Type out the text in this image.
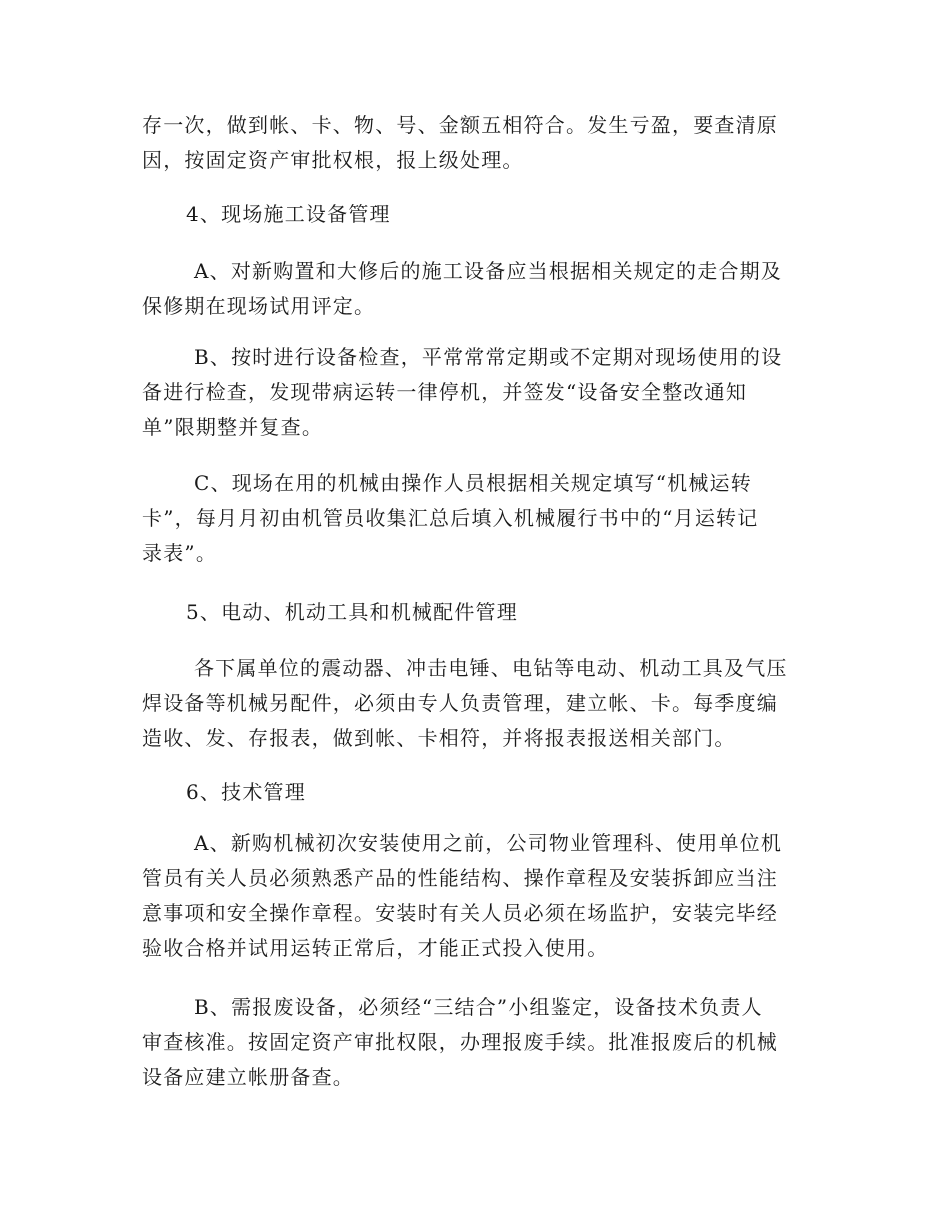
存一次，做到帐、卡、物、号、金额五相符合。发生亏盈，要查清原
因，按固定资产审批权根，报上级处理。

4、现场施工设备管理

A、对新购置和大修后的施工设备应当根据相关规定的走合期及
保修期在现场试用评定。

B、按时进行设备检查，平常常常定期或不定期对现场使用的设
备进行检查，发现带病运转一律停机，并签发“设备安全整改通知
单”限期整并复查。

C、现场在用的机械由操作人员根据相关规定填写“机械运转
卡”，每月月初由机管员收集汇总后填入机械履行书中的“月运转记
录表”。

5、电动、机动工具和机械配件管理

各下属单位的震动器、冲击电锤、电钻等电动、机动工具及气压
焊设备等机械另配件，必须由专人负责管理，建立帐、卡。每季度编
造收、发、存报表，做到帐、卡相符，并将报表报送相关部门。

6、技术管理

A、新购机械初次安装使用之前，公司物业管理科、使用单位机
管员有关人员必须熟悉产品的性能结构、操作章程及安装拆卸应当注
意事项和安全操作章程。安装时有关人员必须在场监护，安装完毕经
验收合格并试用运转正常后，才能正式投入使用。

B、需报废设备，必须经“三结合”小组鉴定，设备技术负责人
审查核准。按固定资产审批权限，办理报废手续。批准报废后的机械
设备应建立帐册备查。
